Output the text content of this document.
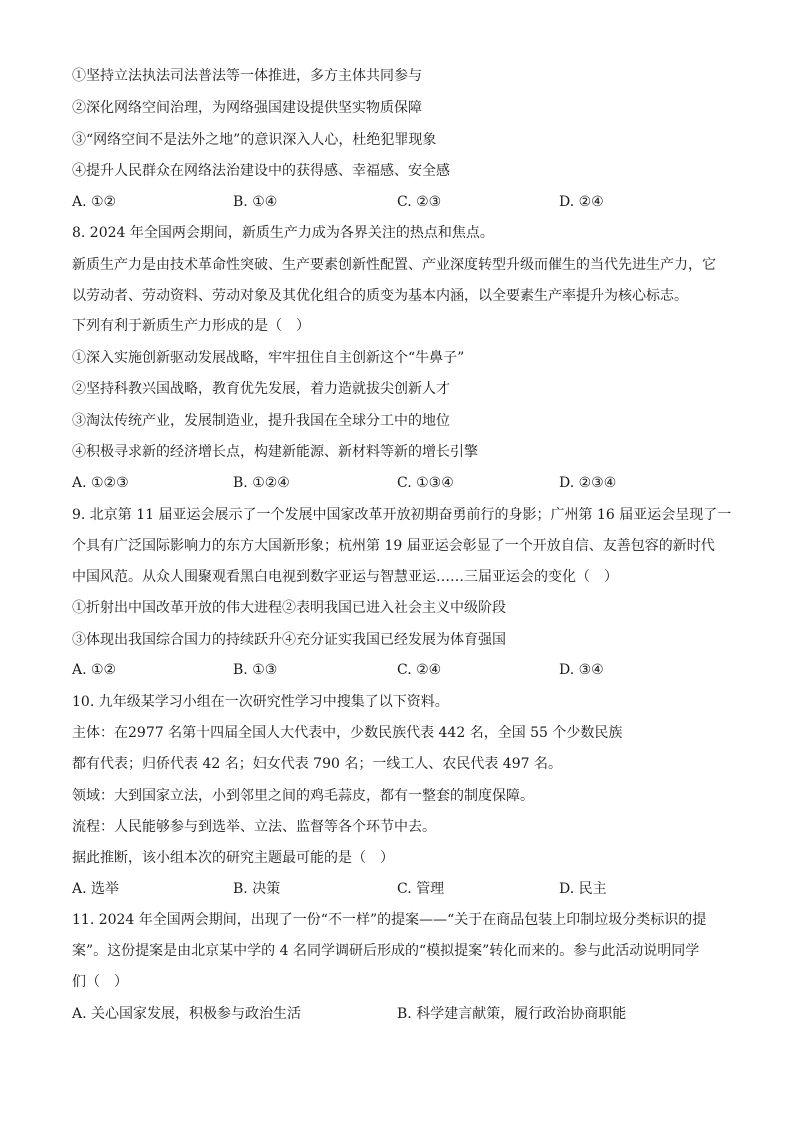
①坚持立法执法司法普法等一体推进，多方主体共同参与
②深化网络空间治理，为网络强国建设提供坚实物质保障
③“网络空间不是法外之地”的意识深入人心，杜绝犯罪现象
④提升人民群众在网络法治建设中的获得感、幸福感、安全感
A. ①②	B. ①④	C. ②③	D. ②④
8. 2024 年全国两会期间，新质生产力成为各界关注的热点和焦点。
新质生产力是由技术革命性突破、生产要素创新性配置、产业深度转型升级而催生的当代先进生产力，它
以劳动者、劳动资料、劳动对象及其优化组合的质变为基本内涵，以全要素生产率提升为核心标志。
下列有利于新质生产力形成的是（　）
①深入实施创新驱动发展战略，牢牢扭住自主创新这个“牛鼻子”
②坚持科教兴国战略，教育优先发展，着力造就拔尖创新人才
③淘汰传统产业，发展制造业，提升我国在全球分工中的地位
④积极寻求新的经济增长点，构建新能源、新材料等新的增长引擎
A. ①②③	B. ①②④	C. ①③④	D. ②③④
9. 北京第 11 届亚运会展示了一个发展中国家改革开放初期奋勇前行的身影；广州第 16 届亚运会呈现了一
个具有广泛国际影响力的东方大国新形象；杭州第 19 届亚运会彰显了一个开放自信、友善包容的新时代
中国风范。从众人围聚观看黑白电视到数字亚运与智慧亚运……三届亚运会的变化（　）
①折射出中国改革开放的伟大进程②表明我国已进入社会主义中级阶段
③体现出我国综合国力的持续跃升④充分证实我国已经发展为体育强国
A. ①②	B. ①③	C. ②④	D. ③④
10. 九年级某学习小组在一次研究性学习中搜集了以下资料。
主体：在2977 名第十四届全国人大代表中，少数民族代表 442 名，全国 55 个少数民族
都有代表；归侨代表 42 名；妇女代表 790 名；一线工人、农民代表 497 名。
领域：大到国家立法，小到邻里之间的鸡毛蒜皮，都有一整套的制度保障。
流程：人民能够参与到选举、立法、监督等各个环节中去。
据此推断，该小组本次的研究主题最可能的是（　）
A. 选举	B. 决策	C. 管理	D. 民主
11. 2024 年全国两会期间，出现了一份“不一样”的提案——“关于在商品包装上印制垃圾分类标识的提
案”。这份提案是由北京某中学的 4 名同学调研后形成的“模拟提案”转化而来的。参与此活动说明同学
们（　）
A. 关心国家发展，积极参与政治生活	B. 科学建言献策，履行政治协商职能
